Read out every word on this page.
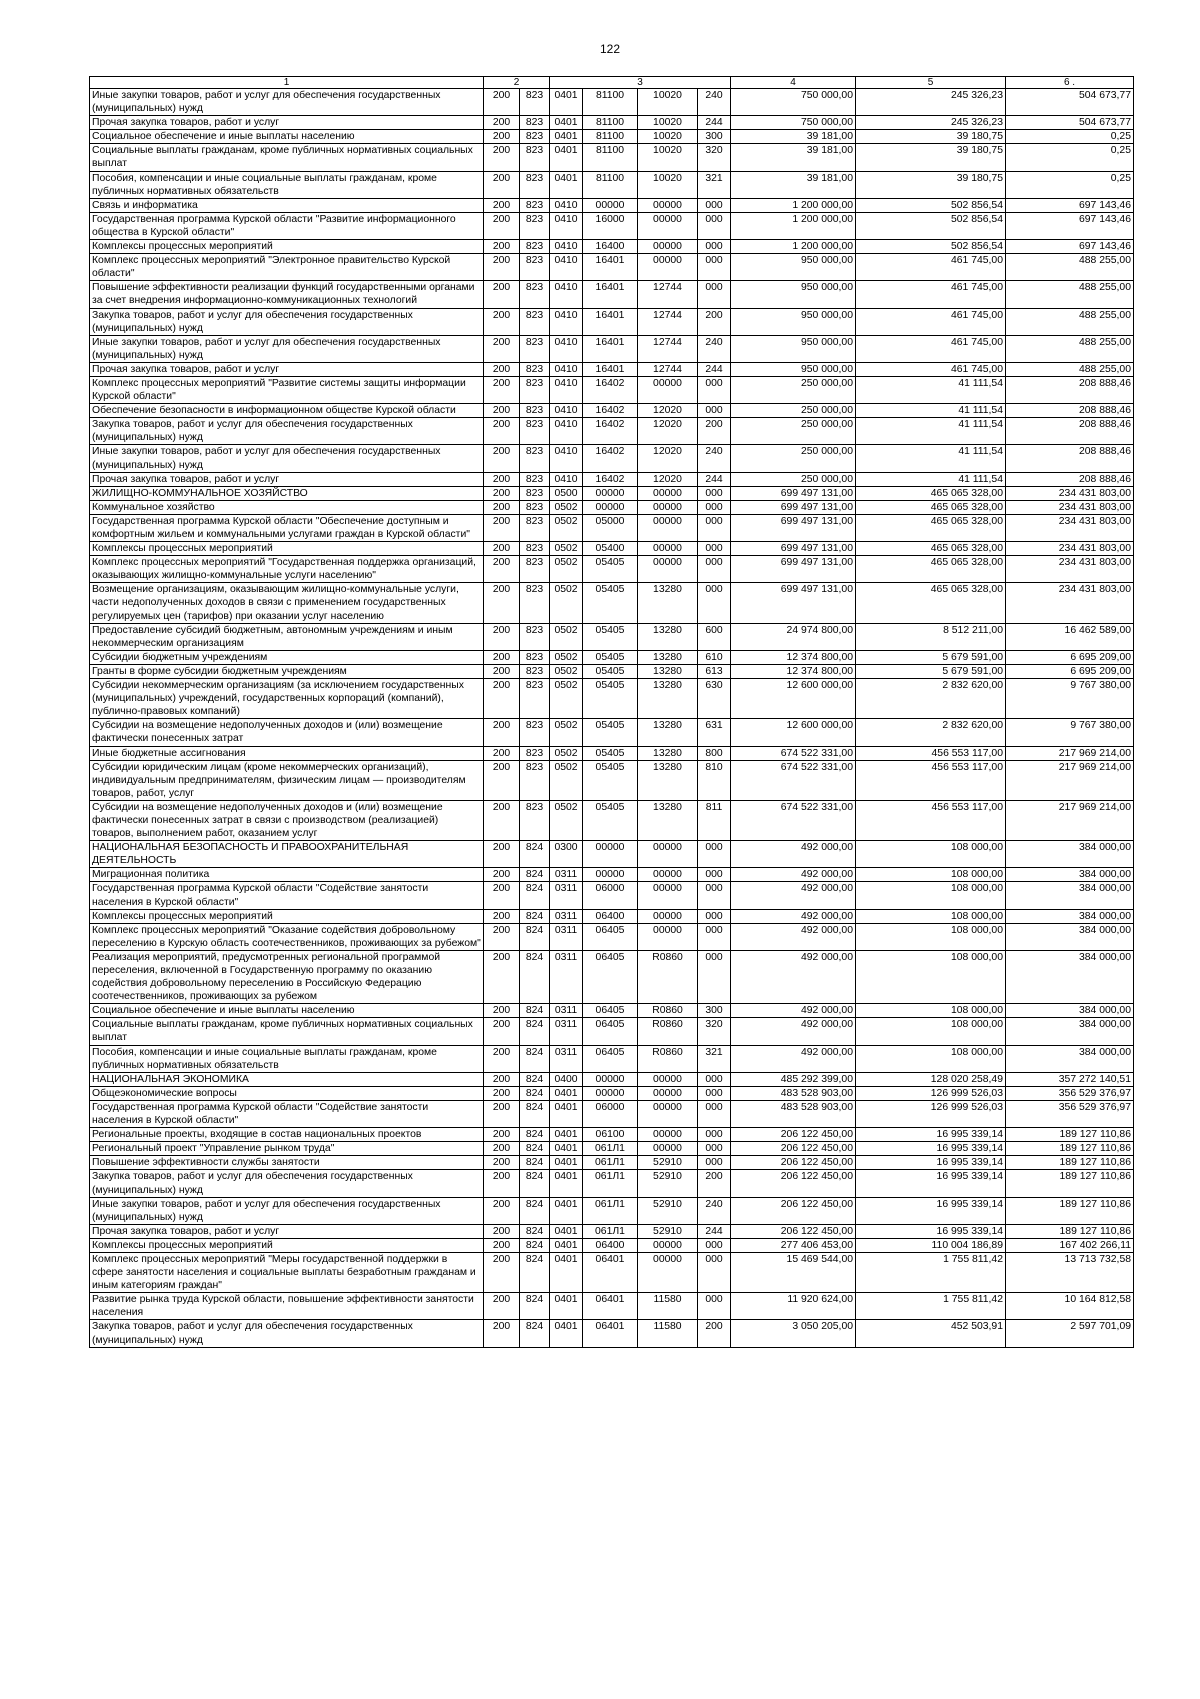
122
1	2		3				4	5	6 .
Иные закупки товаров, работ и услуг для обеспечения государственных (муниципальных) нужд	200	823	0401	81100	10020	240	750 000,00	245 326,23	504 673,77
Прочая закупка товаров, работ и услуг	200	823	0401	81100	10020	244	750 000,00	245 326,23	504 673,77
Социальное обеспечение и иные выплаты населению	200	823	0401	81100	10020	300	39 181,00	39 180,75	0,25
Социальные выплаты гражданам, кроме публичных нормативных социальных выплат	200	823	0401	81100	10020	320	39 181,00	39 180,75	0,25
Пособия, компенсации и иные социальные выплаты гражданам, кроме публичных нормативных обязательств	200	823	0401	81100	10020	321	39 181,00	39 180,75	0,25
Связь и информатика	200	823	0410	00000	00000	000	1 200 000,00	502 856,54	697 143,46
Государственная программа Курской области "Развитие информационного общества в Курской области"	200	823	0410	16000	00000	000	1 200 000,00	502 856,54	697 143,46
Комплексы процессных мероприятий	200	823	0410	16400	00000	000	1 200 000,00	502 856,54	697 143,46
Комплекс процессных мероприятий "Электронное правительство Курской области"	200	823	0410	16401	00000	000	950 000,00	461 745,00	488 255,00
Повышение эффективности реализации функций государственными органами за счет внедрения информационно-коммуникационных технологий	200	823	0410	16401	12744	000	950 000,00	461 745,00	488 255,00
Закупка товаров, работ и услуг для обеспечения государственных (муниципальных) нужд	200	823	0410	16401	12744	200	950 000,00	461 745,00	488 255,00
Иные закупки товаров, работ и услуг для обеспечения государственных (муниципальных) нужд	200	823	0410	16401	12744	240	950 000,00	461 745,00	488 255,00
Прочая закупка товаров, работ и услуг	200	823	0410	16401	12744	244	950 000,00	461 745,00	488 255,00
Комплекс процессных мероприятий "Развитие системы защиты информации Курской области"	200	823	0410	16402	00000	000	250 000,00	41 111,54	208 888,46
Обеспечение безопасности в информационном обществе Курской области	200	823	0410	16402	12020	000	250 000,00	41 111,54	208 888,46
Закупка товаров, работ и услуг для обеспечения государственных (муниципальных) нужд	200	823	0410	16402	12020	200	250 000,00	41 111,54	208 888,46
Иные закупки товаров, работ и услуг для обеспечения государственных (муниципальных) нужд	200	823	0410	16402	12020	240	250 000,00	41 111,54	208 888,46
Прочая закупка товаров, работ и услуг	200	823	0410	16402	12020	244	250 000,00	41 111,54	208 888,46
ЖИЛИЩНО-КОММУНАЛЬНОЕ ХОЗЯЙСТВО	200	823	0500	00000	00000	000	699 497 131,00	465 065 328,00	234 431 803,00
Коммунальное хозяйство	200	823	0502	00000	00000	000	699 497 131,00	465 065 328,00	234 431 803,00
Государственная программа Курской области "Обеспечение доступным и комфортным жильем и коммунальными услугами граждан в Курской области"	200	823	0502	05000	00000	000	699 497 131,00	465 065 328,00	234 431 803,00
Комплексы процессных мероприятий	200	823	0502	05400	00000	000	699 497 131,00	465 065 328,00	234 431 803,00
Комплекс процессных мероприятий "Государственная поддержка организаций, оказывающих жилищно-коммунальные услуги населению"	200	823	0502	05405	00000	000	699 497 131,00	465 065 328,00	234 431 803,00
Возмещение организациям, оказывающим жилищно-коммунальные услуги, части недополученных доходов в связи с применением государственных регулируемых цен (тарифов) при оказании услуг населению	200	823	0502	05405	13280	000	699 497 131,00	465 065 328,00	234 431 803,00
Предоставление субсидий бюджетным, автономным учреждениям и иным некоммерческим организациям	200	823	0502	05405	13280	600	24 974 800,00	8 512 211,00	16 462 589,00
Субсидии бюджетным учреждениям	200	823	0502	05405	13280	610	12 374 800,00	5 679 591,00	6 695 209,00
Гранты в форме субсидии бюджетным учреждениям	200	823	0502	05405	13280	613	12 374 800,00	5 679 591,00	6 695 209,00
Субсидии некоммерческим организациям (за исключением государственных (муниципальных) учреждений, государственных корпораций (компаний), публично-правовых компаний)	200	823	0502	05405	13280	630	12 600 000,00	2 832 620,00	9 767 380,00
Субсидии на возмещение недополученных доходов и (или) возмещение фактически понесенных затрат	200	823	0502	05405	13280	631	12 600 000,00	2 832 620,00	9 767 380,00
Иные бюджетные ассигнования	200	823	0502	05405	13280	800	674 522 331,00	456 553 117,00	217 969 214,00
Субсидии юридическим лицам (кроме некоммерческих организаций), индивидуальным предпринимателям, физическим лицам — производителям товаров, работ, услуг	200	823	0502	05405	13280	810	674 522 331,00	456 553 117,00	217 969 214,00
Субсидии на возмещение недополученных доходов и (или) возмещение фактически понесенных затрат в связи с производством (реализацией) товаров, выполнением работ, оказанием услуг	200	823	0502	05405	13280	811	674 522 331,00	456 553 117,00	217 969 214,00
НАЦИОНАЛЬНАЯ БЕЗОПАСНОСТЬ И ПРАВООХРАНИТЕЛЬНАЯ ДЕЯТЕЛЬНОСТЬ	200	824	0300	00000	00000	000	492 000,00	108 000,00	384 000,00
Миграционная политика	200	824	0311	00000	00000	000	492 000,00	108 000,00	384 000,00
Государственная программа Курской области "Содействие занятости населения в Курской области"	200	824	0311	06000	00000	000	492 000,00	108 000,00	384 000,00
Комплексы процессных мероприятий	200	824	0311	06400	00000	000	492 000,00	108 000,00	384 000,00
Комплекс процессных мероприятий "Оказание содействия добровольному переселению в Курскую область соотечественников, проживающих за рубежом"	200	824	0311	06405	00000	000	492 000,00	108 000,00	384 000,00
Реализация мероприятий, предусмотренных региональной программой переселения, включенной в Государственную программу по оказанию содействия добровольному переселению в Российскую Федерацию соотечественников, проживающих за рубежом	200	824	0311	06405	R0860	000	492 000,00	108 000,00	384 000,00
Социальное обеспечение и иные выплаты населению	200	824	0311	06405	R0860	300	492 000,00	108 000,00	384 000,00
Социальные выплаты гражданам, кроме публичных нормативных социальных выплат	200	824	0311	06405	R0860	320	492 000,00	108 000,00	384 000,00
Пособия, компенсации и иные социальные выплаты гражданам, кроме публичных нормативных обязательств	200	824	0311	06405	R0860	321	492 000,00	108 000,00	384 000,00
НАЦИОНАЛЬНАЯ ЭКОНОМИКА	200	824	0400	00000	00000	000	485 292 399,00	128 020 258,49	357 272 140,51
Общеэкономические вопросы	200	824	0401	00000	00000	000	483 528 903,00	126 999 526,03	356 529 376,97
Государственная программа Курской области "Содействие занятости населения в Курской области"	200	824	0401	06000	00000	000	483 528 903,00	126 999 526,03	356 529 376,97
Региональные проекты, входящие в состав национальных проектов	200	824	0401	06100	00000	000	206 122 450,00	16 995 339,14	189 127 110,86
Региональный проект "Управление рынком труда"	200	824	0401	061Л1	00000	000	206 122 450,00	16 995 339,14	189 127 110,86
Повышение эффективности службы занятости	200	824	0401	061Л1	52910	000	206 122 450,00	16 995 339,14	189 127 110,86
Закупка товаров, работ и услуг для обеспечения государственных (муниципальных) нужд	200	824	0401	061Л1	52910	200	206 122 450,00	16 995 339,14	189 127 110,86
Иные закупки товаров, работ и услуг для обеспечения государственных (муниципальных) нужд	200	824	0401	061Л1	52910	240	206 122 450,00	16 995 339,14	189 127 110,86
Прочая закупка товаров, работ и услуг	200	824	0401	061Л1	52910	244	206 122 450,00	16 995 339,14	189 127 110,86
Комплексы процессных мероприятий	200	824	0401	06400	00000	000	277 406 453,00	110 004 186,89	167 402 266,11
Комплекс процессных мероприятий "Меры государственной поддержки в сфере занятости населения и социальные выплаты безработным гражданам и иным категориям граждан"	200	824	0401	06401	00000	000	15 469 544,00	1 755 811,42	13 713 732,58
Развитие рынка труда Курской области, повышение эффективности занятости населения	200	824	0401	06401	11580	000	11 920 624,00	1 755 811,42	10 164 812,58
Закупка товаров, работ и услуг для обеспечения государственных (муниципальных) нужд	200	824	0401	06401	11580	200	3 050 205,00	452 503,91	2 597 701,09
